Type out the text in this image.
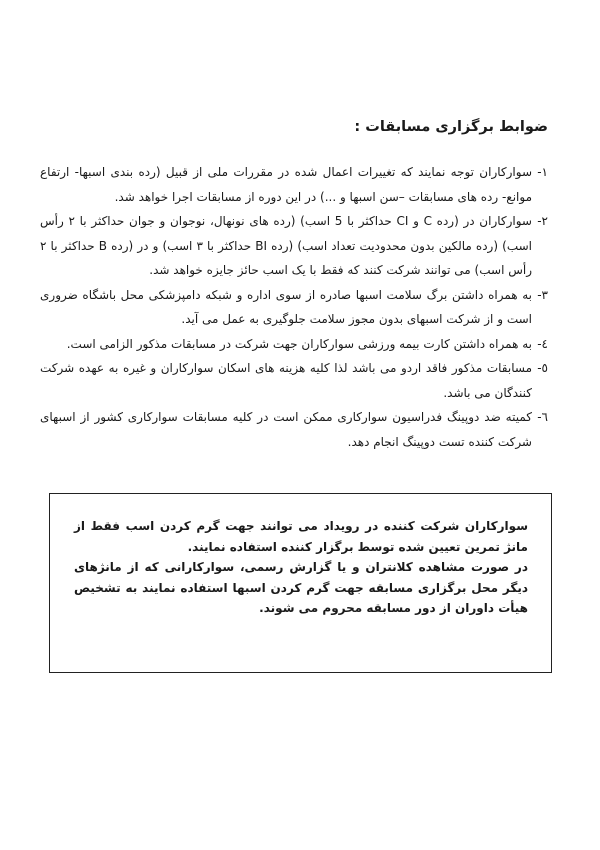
ضوابط برگزاری مسابقات :
۱-
سوارکاران توجه نمایند که تغییرات اعمال شده در مقررات ملی از قبیل (رده بندی اسبها- ارتفاع موانع- رده های مسابقات –سن اسبها و ...) در این دوره از مسابقات اجرا خواهد شد.
۲-
سوارکاران در (رده C و CI حداکثر با 5 اسب) (رده های نونهال، نوجوان و جوان حداکثر با ۲ رأس اسب) (رده مالکین بدون محدودیت تعداد اسب) (رده BI حداکثر با ۳ اسب) و در (رده B حداکثر با ۲ رأس اسب) می توانند شرکت کنند که فقط با یک اسب حائز جایزه خواهد شد.
۳-
به همراه داشتن برگ سلامت اسبها صادره از سوی اداره و شبکه دامپزشکی محل باشگاه ضروری است و از شرکت اسبهای بدون مجوز سلامت جلوگیری به عمل می آید.
٤-
به همراه داشتن کارت بیمه ورزشی سوارکاران جهت شرکت در مسابقات مذکور الزامی است.
٥-
مسابقات مذکور فاقد اردو می باشد لذا کلیه هزینه های اسکان سوارکاران و غیره به عهده شرکت کنندگان می باشد.
٦-
کمیته ضد دوپینگ فدراسیون سوارکاری ممکن است در کلیه مسابقات سوارکاری کشور از اسبهای شرکت کننده تست دوپینگ انجام دهد.

سوارکاران شرکت کننده در رویداد می توانند جهت گرم کردن اسب فقط از مانژ تمرین تعیین شده توسط برگزار کننده استفاده نمایند.

در صورت مشاهده کلانتران و یا گزارش رسمی، سوارکارانی که از مانژهای دیگر محل برگزاری مسابقه جهت گرم کردن اسبها استفاده نمایند به تشخیص هیأت داوران از دور مسابقه محروم می شوند.
